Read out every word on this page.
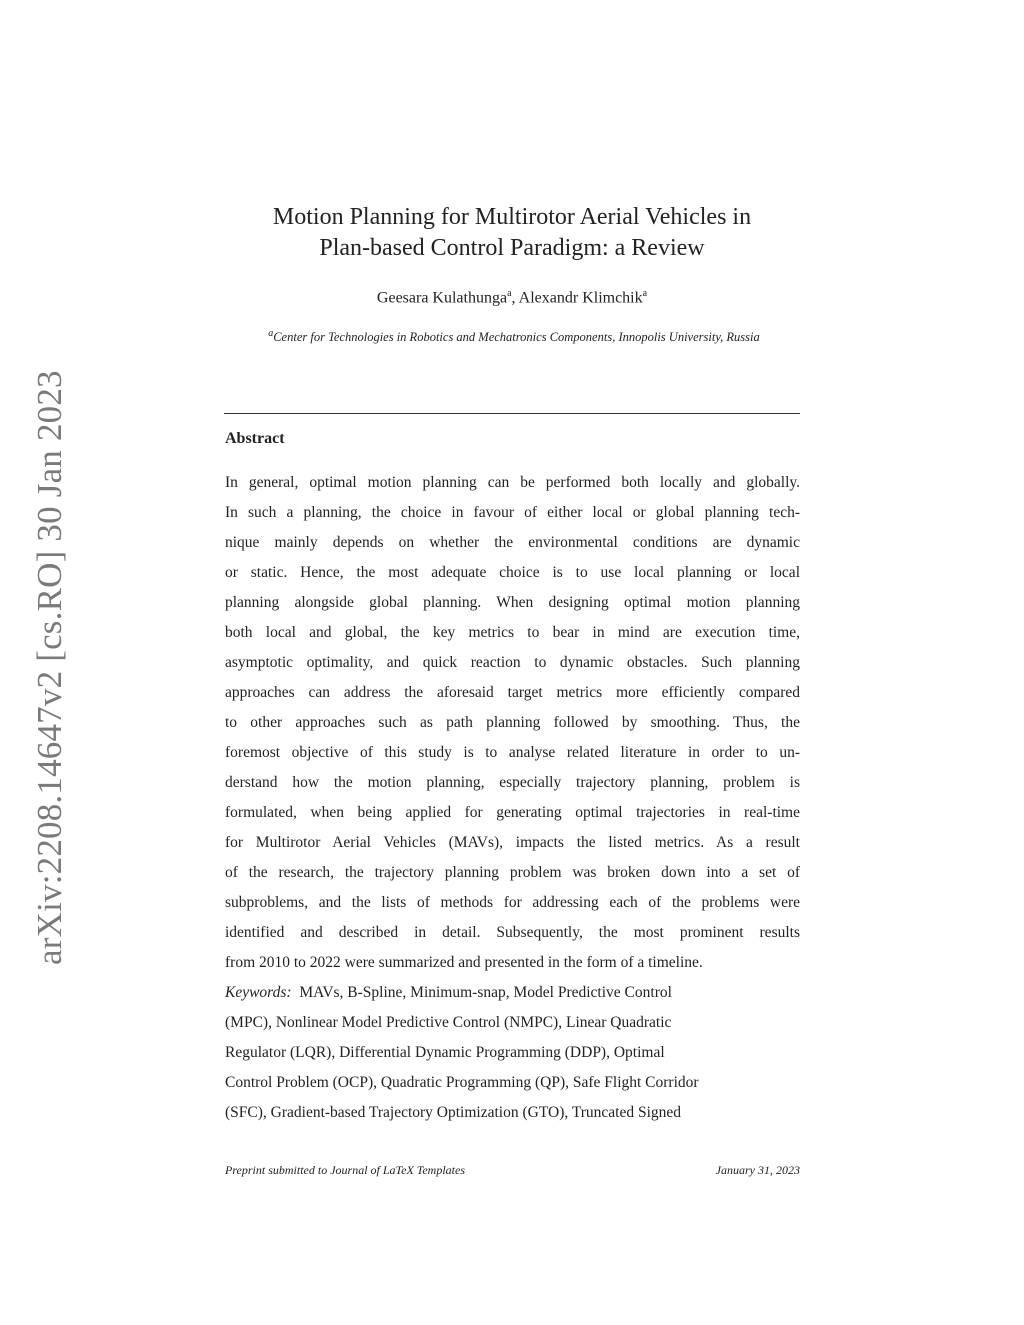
arXiv:2208.14647v2 [cs.RO] 30 Jan 2023
Motion Planning for Multirotor Aerial Vehicles in
Plan-based Control Paradigm: a Review
Geesara Kulathunga$^a$, Alexandr Klimchik$^a$
$^a$Center for Technologies in Robotics and Mechatronics Components, Innopolis University, Russia
Abstract
In general, optimal motion planning can be performed both locally and globally.
In such a planning, the choice in favour of either local or global planning tech-
nique mainly depends on whether the environmental conditions are dynamic
or static. Hence, the most adequate choice is to use local planning or local
planning alongside global planning. When designing optimal motion planning
both local and global, the key metrics to bear in mind are execution time,
asymptotic optimality, and quick reaction to dynamic obstacles. Such planning
approaches can address the aforesaid target metrics more efficiently compared
to other approaches such as path planning followed by smoothing. Thus, the
foremost objective of this study is to analyse related literature in order to un-
derstand how the motion planning, especially trajectory planning, problem is
formulated, when being applied for generating optimal trajectories in real-time
for Multirotor Aerial Vehicles (MAVs), impacts the listed metrics. As a result
of the research, the trajectory planning problem was broken down into a set of
subproblems, and the lists of methods for addressing each of the problems were
identified and described in detail. Subsequently, the most prominent results
from 2010 to 2022 were summarized and presented in the form of a timeline.
Keywords: MAVs, B-Spline, Minimum-snap, Model Predictive Control
(MPC), Nonlinear Model Predictive Control (NMPC), Linear Quadratic
Regulator (LQR), Differential Dynamic Programming (DDP), Optimal
Control Problem (OCP), Quadratic Programming (QP), Safe Flight Corridor
(SFC), Gradient-based Trajectory Optimization (GTO), Truncated Signed
Preprint submitted to Journal of LaTeX Templates	January 31, 2023
